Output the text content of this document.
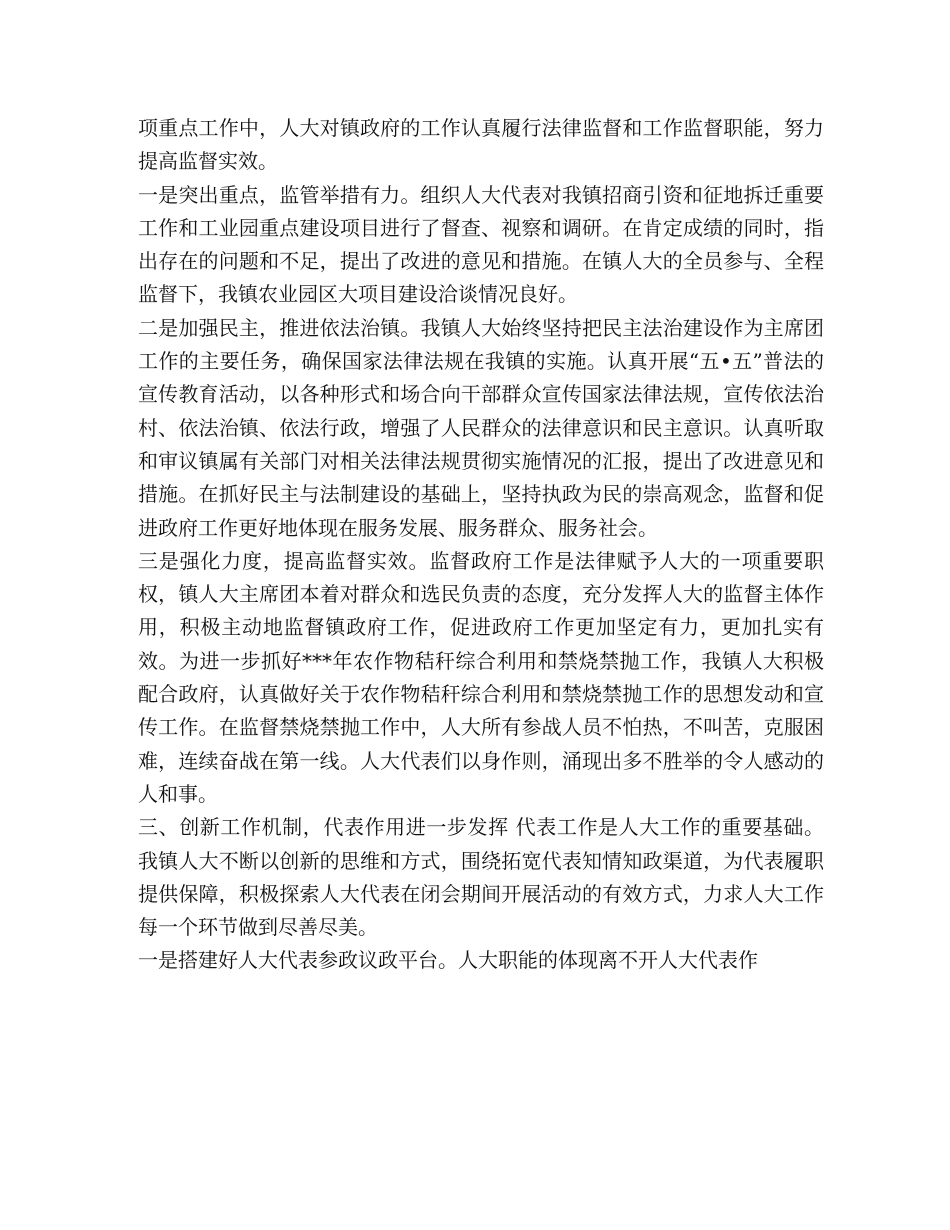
项重点工作中，人大对镇政府的工作认真履行法律监督和工作监督职能，努力提高监督实效。

一是突出重点，监管举措有力。组织人大代表对我镇招商引资和征地拆迁重要工作和工业园重点建设项目进行了督查、视察和调研。在肯定成绩的同时，指出存在的问题和不足，提出了改进的意见和措施。在镇人大的全员参与、全程监督下，我镇农业园区大项目建设洽谈情况良好。

二是加强民主，推进依法治镇。我镇人大始终坚持把民主法治建设作为主席团工作的主要任务，确保国家法律法规在我镇的实施。认真开展“五•五”普法的宣传教育活动，以各种形式和场合向干部群众宣传国家法律法规，宣传依法治村、依法治镇、依法行政，增强了人民群众的法律意识和民主意识。认真听取和审议镇属有关部门对相关法律法规贯彻实施情况的汇报，提出了改进意见和措施。在抓好民主与法制建设的基础上，坚持执政为民的崇高观念，监督和促进政府工作更好地体现在服务发展、服务群众、服务社会。

三是强化力度，提高监督实效。监督政府工作是法律赋予人大的一项重要职权，镇人大主席团本着对群众和选民负责的态度，充分发挥人大的监督主体作用，积极主动地监督镇政府工作，促进政府工作更加坚定有力，更加扎实有效。为进一步抓好***年农作物秸秆综合利用和禁烧禁抛工作，我镇人大积极配合政府，认真做好关于农作物秸秆综合利用和禁烧禁抛工作的思想发动和宣传工作。在监督禁烧禁抛工作中，人大所有参战人员不怕热，不叫苦，克服困难，连续奋战在第一线。人大代表们以身作则，涌现出多不胜举的令人感动的人和事。

三、创新工作机制，代表作用进一步发挥 代表工作是人大工作的重要基础。我镇人大不断以创新的思维和方式，围绕拓宽代表知情知政渠道，为代表履职提供保障，积极探索人大代表在闭会期间开展活动的有效方式，力求人大工作每一个环节做到尽善尽美。

一是搭建好人大代表参政议政平台。人大职能的体现离不开人大代表作
